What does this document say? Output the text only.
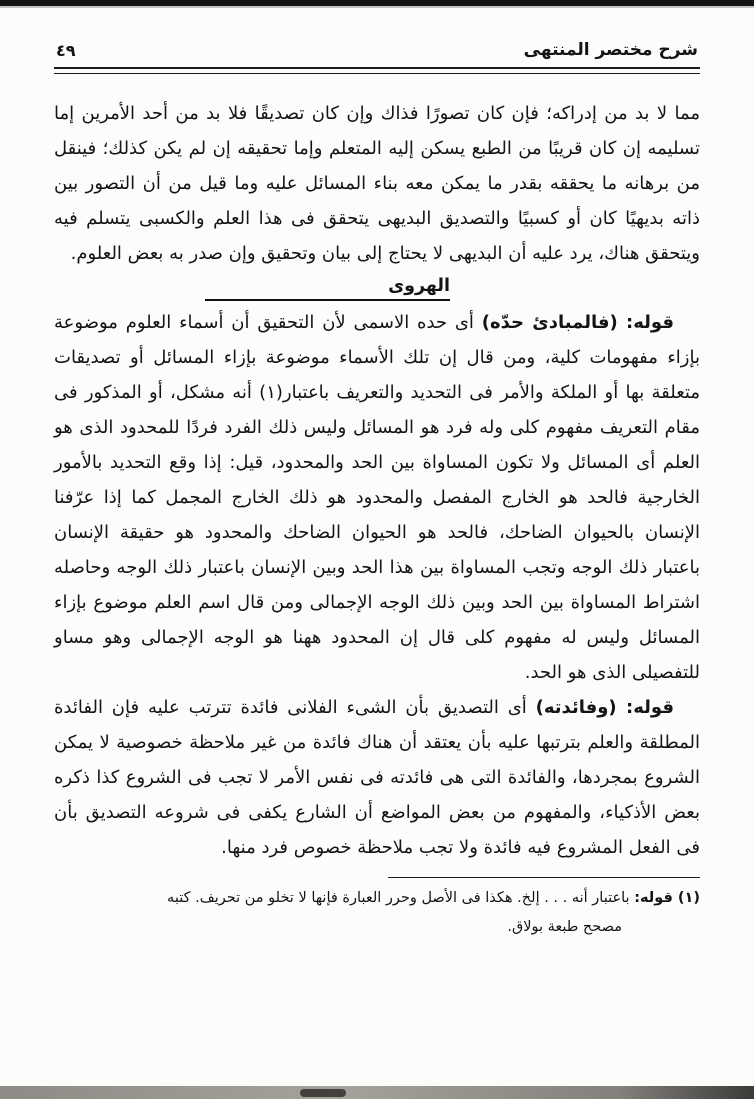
شرح مختصر المنتهى
٤٩

مما لا بد من إدراكه؛ فإن كان تصورًا فذاك وإن كان تصديقًا فلا بد من أحد الأمرين إما تسليمه إن كان قريبًا من الطبع يسكن إليه المتعلم وإما تحقيقه إن لم يكن كذلك؛ فينقل من برهانه ما يحققه بقدر ما يمكن معه بناء المسائل عليه وما قيل من أن التصور بين ذاته بديهيًا كان أو كسبيًا والتصديق البديهى يتحقق فى هذا العلم والكسبى يتسلم فيه ويتحقق هناك، يرد عليه أن البديهى لا يحتاج إلى بيان وتحقيق وإن صدر به بعض العلوم.

الهروى

قوله: (فالمبادئ حدّه) أى حده الاسمى لأن التحقيق أن أسماء العلوم موضوعة بإزاء مفهومات كلية، ومن قال إن تلك الأسماء موضوعة بإزاء المسائل أو تصديقات متعلقة بها أو الملكة والأمر فى التحديد والتعريف باعتبار(١) أنه مشكل، أو المذكور فى مقام التعريف مفهوم كلى وله فرد هو المسائل وليس ذلك الفرد فردًا للمحدود الذى هو العلم أى المسائل ولا تكون المساواة بين الحد والمحدود، قيل: إذا وقع التحديد بالأمور الخارجية فالحد هو الخارج المفصل والمحدود هو ذلك الخارج المجمل كما إذا عرّفنا الإنسان بالحيوان الضاحك، فالحد هو الحيوان الضاحك والمحدود هو حقيقة الإنسان باعتبار ذلك الوجه وتجب المساواة بين هذا الحد وبين الإنسان باعتبار ذلك الوجه وحاصله اشتراط المساواة بين الحد وبين ذلك الوجه الإجمالى ومن قال اسم العلم موضوع بإزاء المسائل وليس له مفهوم كلى قال إن المحدود ههنا هو الوجه الإجمالى وهو مساو للتفصيلى الذى هو الحد.

قوله: (وفائدته) أى التصديق بأن الشىء الفلانى فائدة تترتب عليه فإن الفائدة المطلقة والعلم بترتبها عليه بأن يعتقد أن هناك فائدة من غير ملاحظة خصوصية لا يمكن الشروع بمجردها، والفائدة التى هى فائدته فى نفس الأمر لا تجب فى الشروع كذا ذكره بعض الأذكياء، والمفهوم من بعض المواضع أن الشارع يكفى فى شروعه التصديق بأن فى الفعل المشروع فيه فائدة ولا تجب ملاحظة خصوص فرد منها.

(١) قوله: باعتبار أنه . . . إلخ. هكذا فى الأصل وحرر العبارة فإنها لا تخلو من تحريف. كتبه
مصحح طبعة بولاق.
